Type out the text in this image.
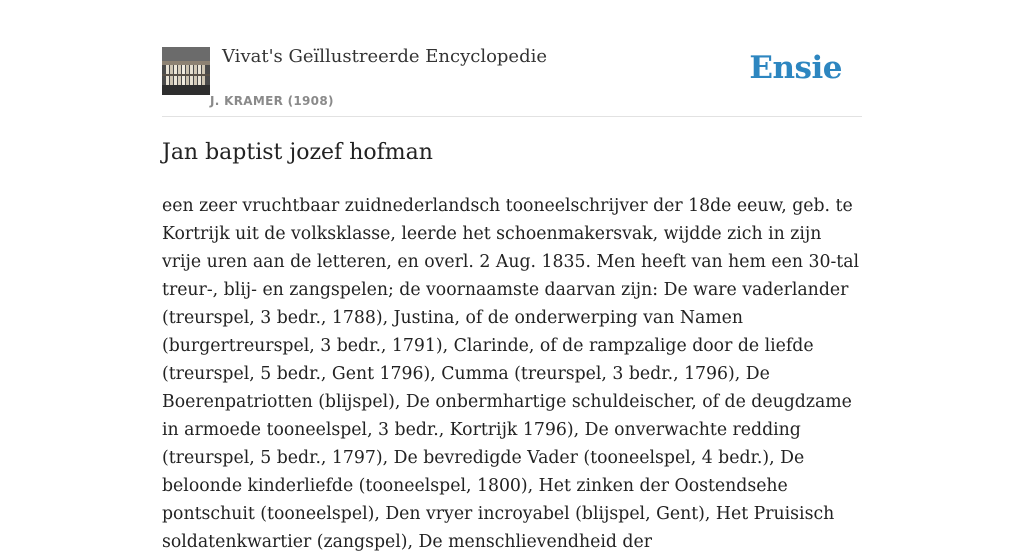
Vivat's Geïllustreerde Encyclopedie
J. KRAMER (1908)
Ensie
Jan baptist jozef hofman

een zeer vruchtbaar zuidnederlandsch tooneelschrijver der 18de eeuw, geb. te Kortrijk uit de volksklasse, leerde het schoenmakersvak, wijdde zich in zijn vrije uren aan de letteren, en overl. 2 Aug. 1835. Men heeft van hem een 30-tal treur-, blij- en zangspelen; de voornaamste daarvan zijn: De ware vaderlander (treurspel, 3 bedr., 1788), Justina, of de onderwerping van Namen (burgertreurspel, 3 bedr., 1791), Clarinde, of de rampzalige door de liefde (treurspel, 5 bedr., Gent 1796), Cumma (treurspel, 3 bedr., 1796), De Boerenpatriotten (blijspel), De onbermhartige schuldeischer, of de deugdzame in armoede tooneelspel, 3 bedr., Kortrijk 1796), De onverwachte redding (treurspel, 5 bedr., 1797), De bevredigde Vader (tooneelspel, 4 bedr.), De beloonde kinderliefde (tooneelspel, 1800), Het zinken der Oostendsehe pontschuit (tooneelspel), Den vryer incroyabel (blijspel, Gent), Het Pruisisch soldatenkwartier (zangspel), De menschlievendheid der
